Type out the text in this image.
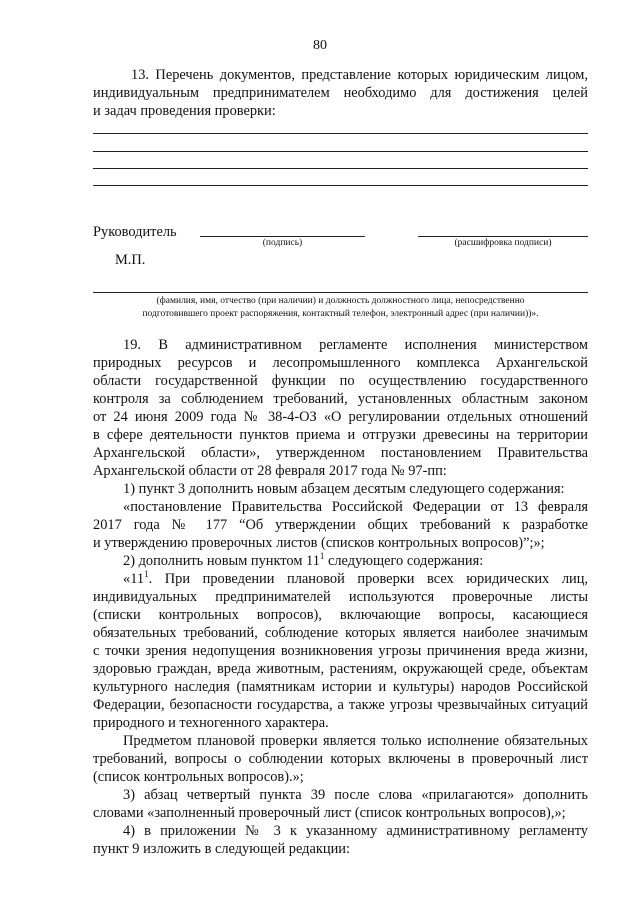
80

13. Перечень документов, представление которых юридическим лицом,

индивидуальным предпринимателем необходимо для достижения целей

и задач проведения проверки:

Руководитель
(подпись)	(расшифровка подписи)
М.П.
(фамилия, имя, отчество (при наличии) и должность должностного лица, непосредственно
подготовившего проект распоряжения, контактный телефон, электронный адрес (при наличии))».

19. В административном регламенте исполнения министерством

природных ресурсов и лесопромышленного комплекса Архангельской

области государственной функции по осуществлению государственного

контроля за соблюдением требований, установленных областным законом

от 24 июня 2009 года № 38-4-ОЗ «О регулировании отдельных отношений

в сфере деятельности пунктов приема и отгрузки древесины на территории

Архангельской области», утвержденном постановлением Правительства

Архангельской области от 28 февраля 2017 года № 97-пп:

1) пункт 3 дополнить новым абзацем десятым следующего содержания:

«постановление Правительства Российской Федерации от 13 февраля

2017 года № 177 “Об утверждении общих требований к разработке

и утверждению проверочных листов (списков контрольных вопросов)”;»;

2) дополнить новым пунктом $11^1$ следующего содержания:

«$11^1$. При проведении плановой проверки всех юридических лиц,

индивидуальных предпринимателей используются проверочные листы

(списки контрольных вопросов), включающие вопросы, касающиеся

обязательных требований, соблюдение которых является наиболее значимым

с точки зрения недопущения возникновения угрозы причинения вреда жизни,

здоровью граждан, вреда животным, растениям, окружающей среде, объектам

культурного наследия (памятникам истории и культуры) народов Российской

Федерации, безопасности государства, а также угрозы чрезвычайных ситуаций

природного и техногенного характера.

Предметом плановой проверки является только исполнение обязательных

требований, вопросы о соблюдении которых включены в проверочный лист

(список контрольных вопросов).»;

3) абзац четвертый пункта 39 после слова «прилагаются» дополнить

словами «заполненный проверочный лист (список контрольных вопросов),»;

4) в приложении № 3 к указанному административному регламенту

пункт 9 изложить в следующей редакции:
